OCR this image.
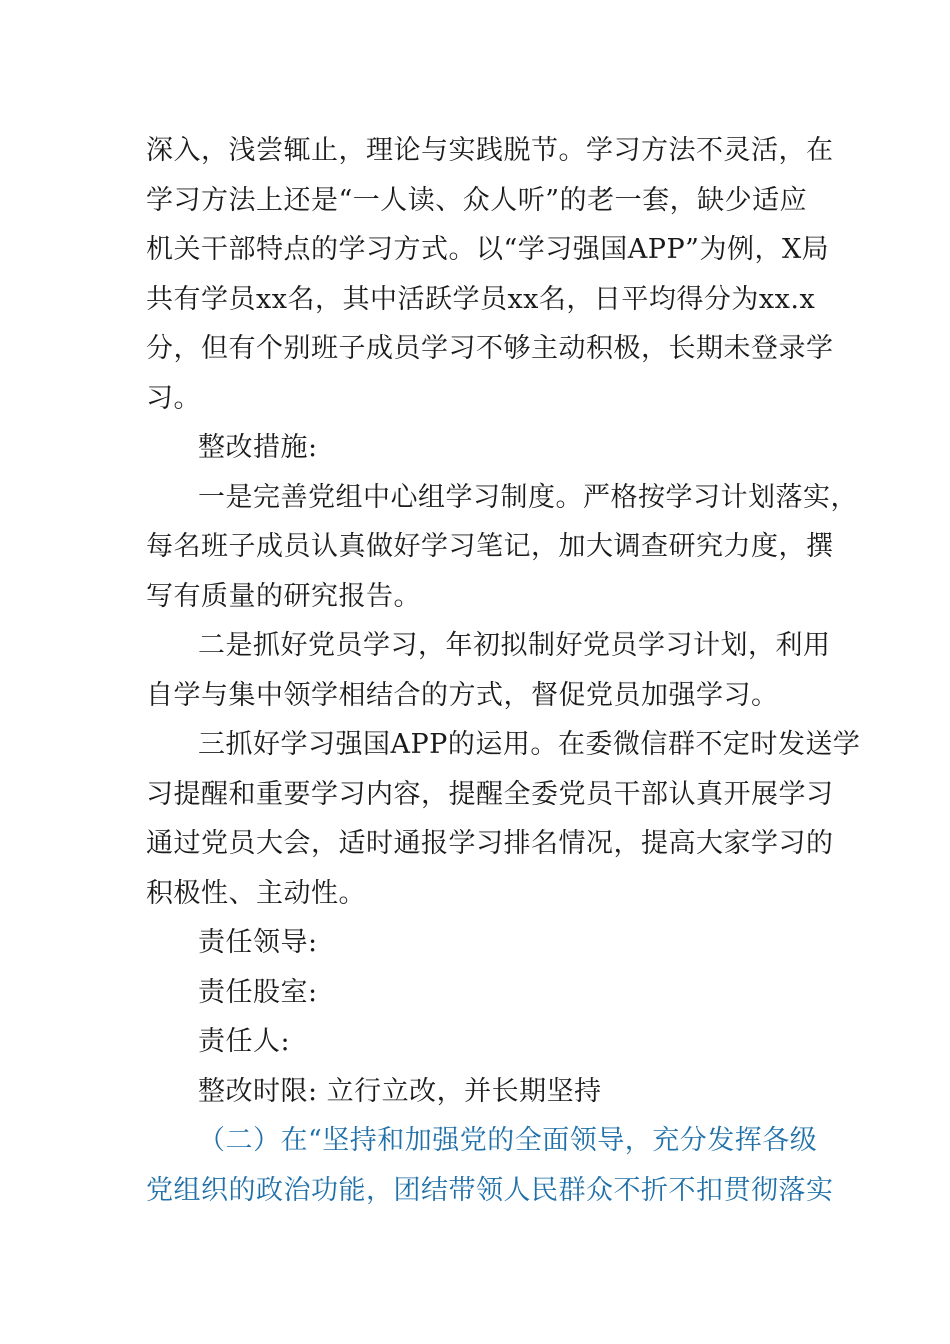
深入，浅尝辄止，理论与实践脱节。学习方法不灵活，在
学习方法上还是“一人读、众人听”的老一套，缺少适应
机关干部特点的学习方式。以“学习强国APP”为例，X局
共有学员xx名，其中活跃学员xx名，日平均得分为xx.x
分，但有个别班子成员学习不够主动积极，长期未登录学
习。
整改措施:
一是完善党组中心组学习制度。严格按学习计划落实，
每名班子成员认真做好学习笔记，加大调查研究力度，撰
写有质量的研究报告。
二是抓好党员学习，年初拟制好党员学习计划，利用
自学与集中领学相结合的方式，督促党员加强学习。
三抓好学习强国APP的运用。在委微信群不定时发送学
习提醒和重要学习内容，提醒全委党员干部认真开展学习
通过党员大会，适时通报学习排名情况，提高大家学习的
积极性、主动性。
责任领导:
责任股室:
责任人:
整改时限: 立行立改，并长期坚持
（二）在“坚持和加强党的全面领导，充分发挥各级
党组织的政治功能，团结带领人民群众不折不扣贯彻落实
